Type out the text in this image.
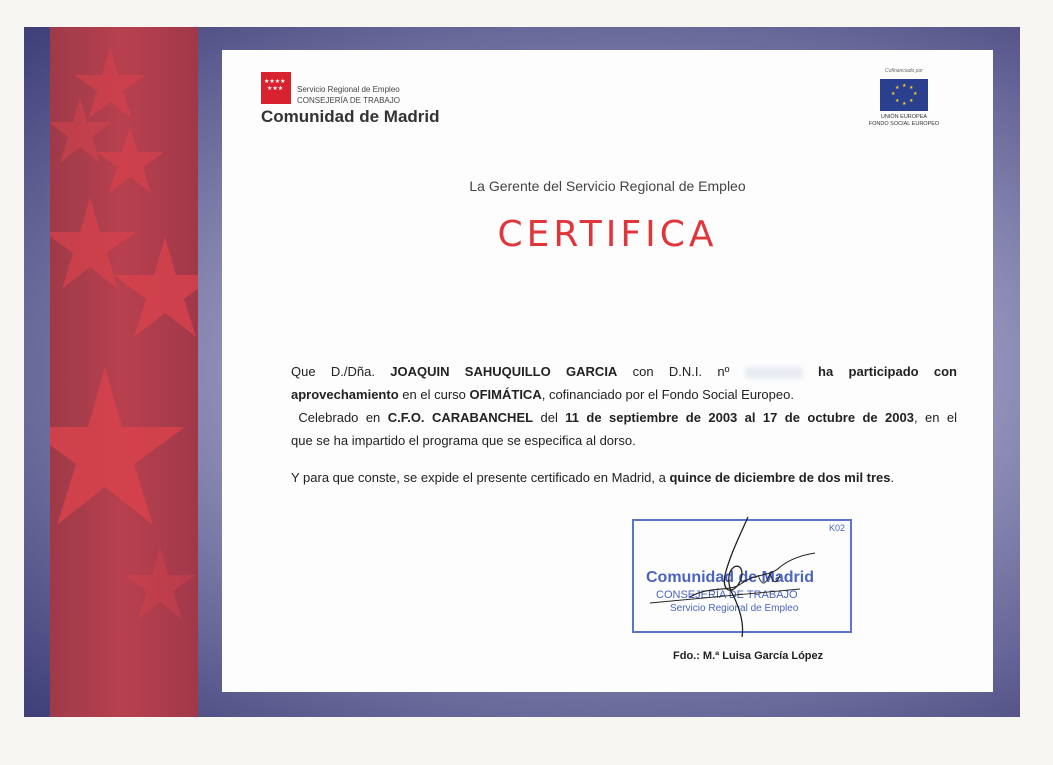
★★★★
★★★ Servicio Regional de Empleo
CONSEJERÍA DE TRABAJO
Comunidad de Madrid
Cofinanciado por
★ ★
★
★
★
★
★
★
UNIÓN EUROPEA
FONDO SOCIAL EUROPEO
La Gerente del Servicio Regional de Empleo
CERTIFICA
Que D./Dña. JOAQUIN SAHUQUILLO GARCIA con D.N.I. nº	ha participado con
aprovechamiento en el curso OFIMÁTICA, cofinanciado por el Fondo Social Europeo.
Celebrado en C.F.O. CARABANCHEL del 11 de septiembre de 2003 al 17 de octubre de 2003, en el
que se ha impartido el programa que se especifica al dorso.
Y para que conste, se expide el presente certificado en Madrid, a quince de diciembre de dos mil tres.
K02
Comunidad de Madrid
CONSEJERÍA DE TRABAJO
Servicio Regional de Empleo
Fdo.: M.ª Luisa García López
